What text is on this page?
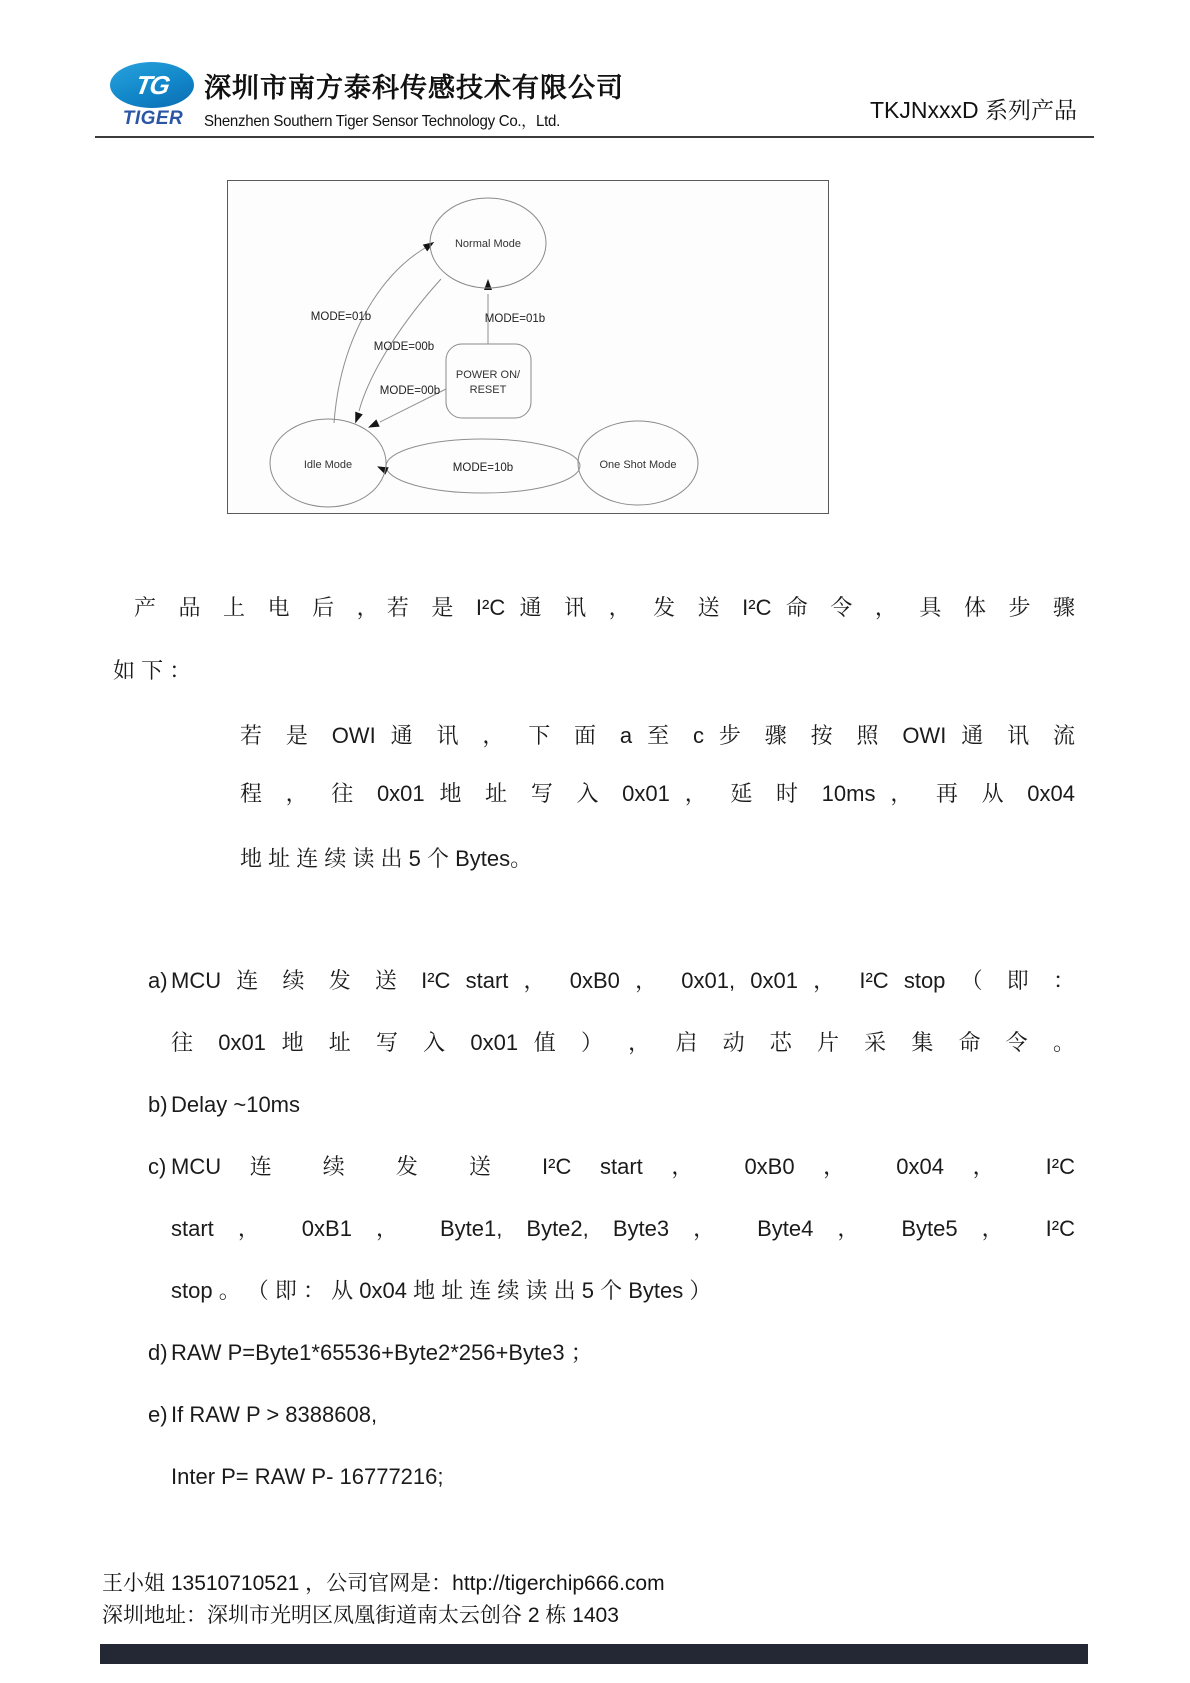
TG
TIGER
深圳市南方泰科传感技术有限公司
Shenzhen Southern Tiger Sensor Technology Co.，Ltd.	TKJNxxxD 系列产品
Normal Mode
POWER ON/
RESET
Idle Mode	One Shot Mode
MODE=01b
MODE=00b
MODE=00b
MODE=01b
MODE=10b
产 品 上 电 后 ，若 是 I²C 通 讯 ， 发 送 I²C 命 令 ， 具 体 步 骤
如 下 ：
若 是 OWI 通 讯 ， 下 面 a 至 c 步 骤 按 照 OWI 通 讯 流
程 ， 往 0x01 地 址 写 入 0x01 ， 延 时 10ms ， 再 从 0x04
地 址 连 续 读 出 5 个 Bytes。
a) MCU 连 续 发 送 I²C start ， 0xB0 ， 0x01, 0x01 ， I²C stop （ 即 ：
往 0x01 地 址 写 入 0x01 值 ） ， 启 动 芯 片 采 集 命 令 。
b) Delay ~10ms
c) MCU 连 续 发 送 I²C start ， 0xB0 ， 0x04 ， I²C
start ， 0xB1 ， Byte1, Byte2, Byte3 ， Byte4 ， Byte5 ， I²C
stop 。 （ 即 ： 从 0x04 地 址 连 续 读 出 5 个 Bytes ）
d) RAW P=Byte1*65536+Byte2*256+Byte3 ；
e) If RAW P > 8388608,
Inter P= RAW P- 16777216;
王小姐 13510710521 ，公司官网是：http://tigerchip666.com
深圳地址：深圳市光明区凤凰街道南太云创谷 2 栋 1403
